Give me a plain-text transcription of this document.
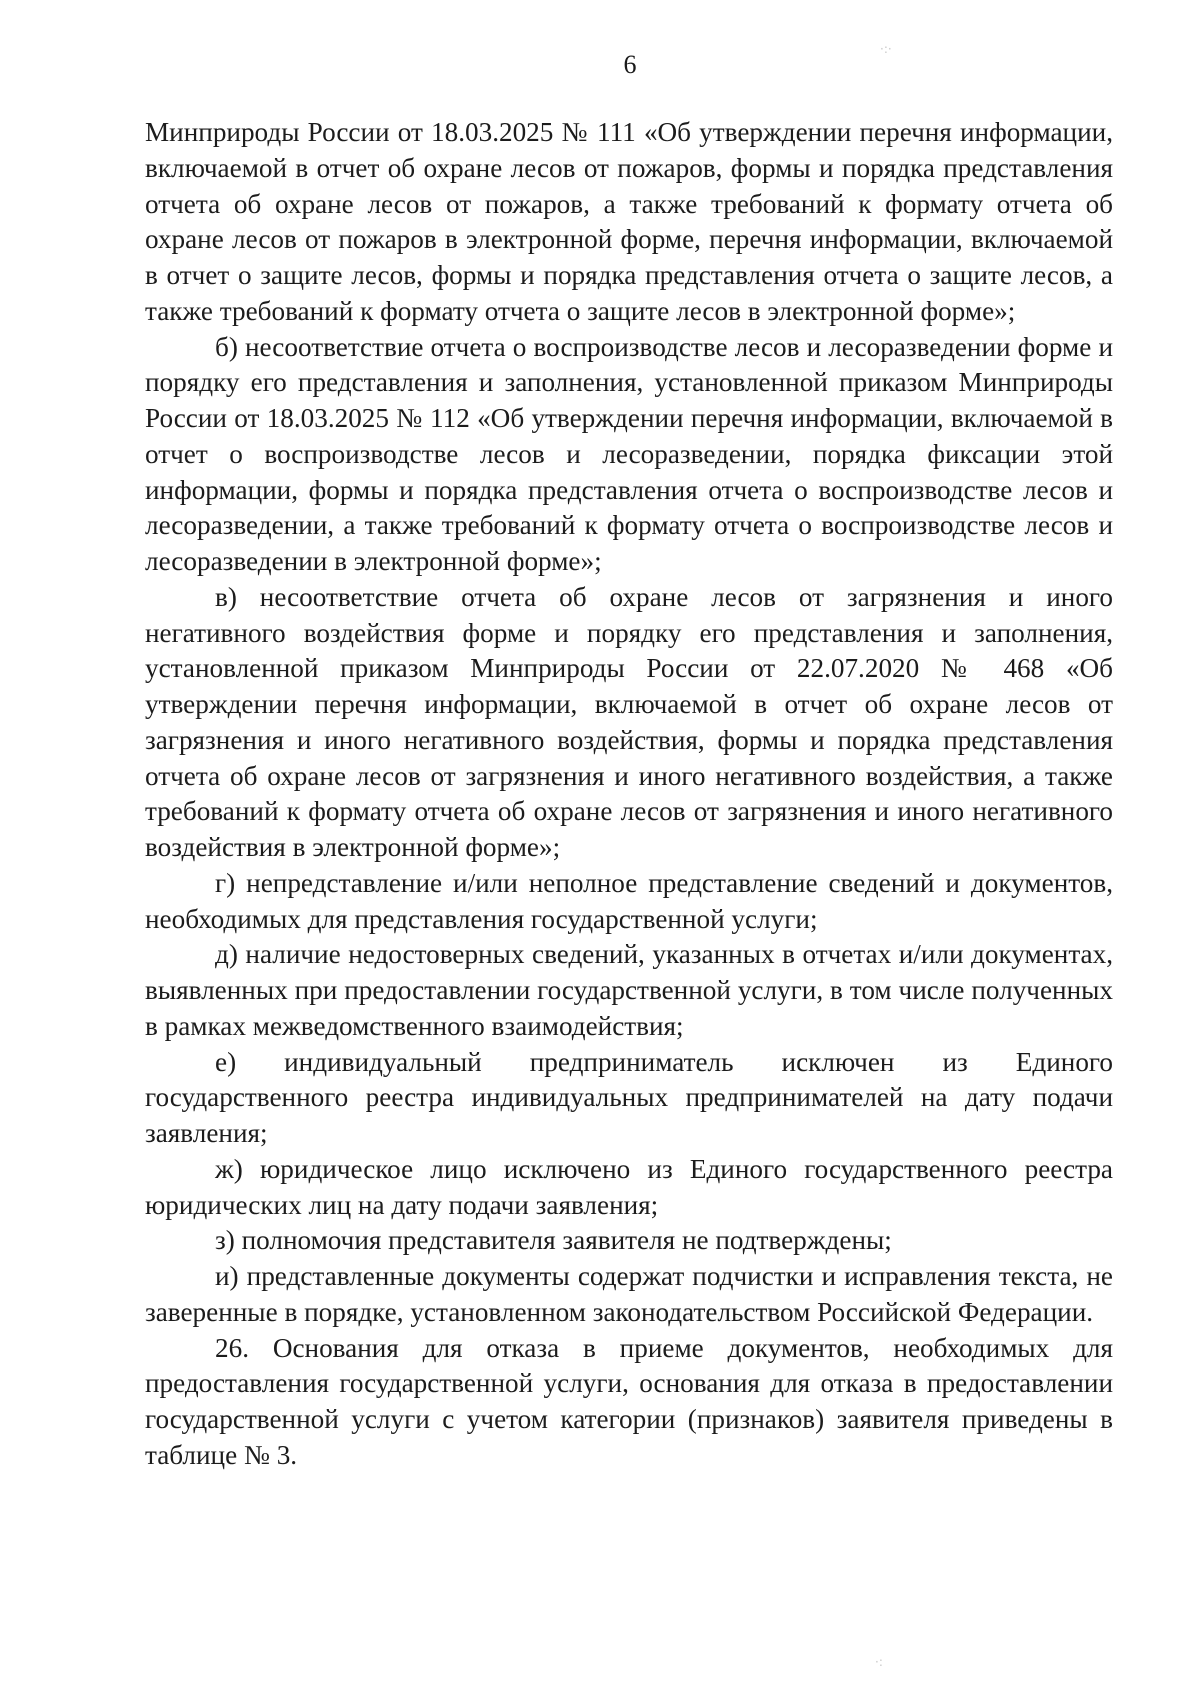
6

Минприроды России от 18.03.2025 № 111 «Об утверждении перечня информации, включаемой в отчет об охране лесов от пожаров, формы и порядка представления отчета об охране лесов от пожаров, а также требований к формату отчета об охране лесов от пожаров в электронной форме, перечня информации, включаемой в отчет о защите лесов, формы и порядка представления отчета о защите лесов, а также требований к формату отчета о защите лесов в электронной форме»;

б) несоответствие отчета о воспроизводстве лесов и лесоразведении форме и порядку его представления и заполнения, установленной приказом Минприроды России от 18.03.2025 № 112 «Об утверждении перечня информации, включаемой в отчет о воспроизводстве лесов и лесоразведении, порядка фиксации этой информации, формы и порядка представления отчета о воспроизводстве лесов и лесоразведении, а также требований к формату отчета о воспроизводстве лесов и лесоразведении в электронной форме»;

в) несоответствие отчета об охране лесов от загрязнения и иного негативного воздействия форме и порядку его представления и заполнения, установленной приказом Минприроды России от 22.07.2020 № 468 «Об утверждении перечня информации, включаемой в отчет об охране лесов от загрязнения и иного негативного воздействия, формы и порядка представления отчета об охране лесов от загрязнения и иного негативного воздействия, а также требований к формату отчета об охране лесов от загрязнения и иного негативного воздействия в электронной форме»;

г) непредставление и/или неполное представление сведений и документов, необходимых для представления государственной услуги;

д) наличие недостоверных сведений, указанных в отчетах и/или документах, выявленных при предоставлении государственной услуги, в том числе полученных в рамках межведомственного взаимодействия;

е) индивидуальный предприниматель исключен из Единого государственного реестра индивидуальных предпринимателей на дату подачи заявления;

ж) юридическое лицо исключено из Единого государственного реестра юридических лиц на дату подачи заявления;

з) полномочия представителя заявителя не подтверждены;

и) представленные документы содержат подчистки и исправления текста, не заверенные в порядке, установленном законодательством Российской Федерации.

26. Основания для отказа в приеме документов, необходимых для предоставления государственной услуги, основания для отказа в предоставлении государственной услуги с учетом категории (признаков) заявителя приведены в таблице № 3.

·:·
·:
